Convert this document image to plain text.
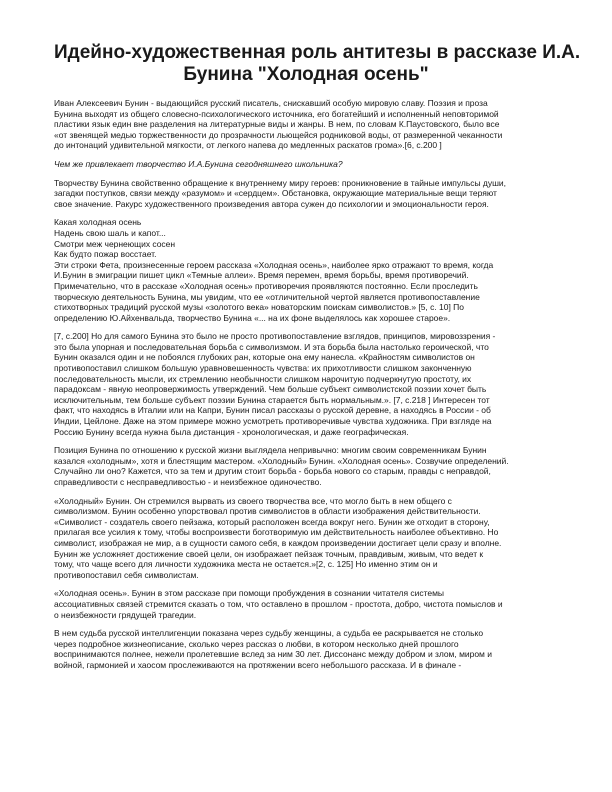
Идейно-художественная роль антитезы в рассказе И.А.
Бунина "Холодная осень"
Иван Алексеевич Бунин - выдающийся русский писатель, снискавший особую мировую славу. Поэзия и проза
Бунина выходят из общего словесно-психологического источника, его богатейший и исполненный неповторимой
пластики язык един вне разделения на литературные виды и жанры. В нем, по словам К.Паустовского, было все
«от звенящей медью торжественности до прозрачности льющейся родниковой воды, от размеренной чеканности
до интонаций удивительной мягкости, от легкого напева до медленных раскатов грома».[6, с.200 ]
Чем же привлекает творчество И.А.Бунина сегодняшнего школьника?
Творчеству Бунина свойственно обращение к внутреннему миру героев: проникновение в тайные импульсы души,
загадки поступков, связи между «разумом» и «сердцем». Обстановка, окружающие материальные вещи теряют
свое значение. Ракурс художественного произведения автора сужен до психологии и эмоциональности героя.
Какая холодная осень
Надень свою шаль и капот...
Смотри меж чернеющих сосен
Как будто пожар восстает.
Эти строки Фета, произнесенные героем рассказа «Холодная осень», наиболее ярко отражают то время, когда
И.Бунин в эмиграции пишет цикл «Темные аллеи». Время перемен, время борьбы, время противоречий.
Примечательно, что в рассказе «Холодная осень» противоречия проявляются постоянно. Если проследить
творческую деятельность Бунина, мы увидим, что ее «отличительной чертой является противопоставление
стихотворных традиций русской музы «золотого века» новаторским поискам символистов.» [5, с. 10] По
определению Ю.Айхенвальда, творчество Бунина «... на их фоне выделялось как хорошее старое».
[7, с.200] Но для самого Бунина это было не просто противопоставление взглядов, принципов, мировоззрения -
это была упорная и последовательная борьба с символизмом. И эта борьба была настолько героической, что
Бунин оказался один и не побоялся глубоких ран, которые она ему нанесла. «Крайностям символистов он
противопоставил слишком большую уравновешенность чувства: их прихотливости слишком законченную
последовательность мысли, их стремлению необычности слишком нарочитую подчеркнутую простоту, их
парадоксам - явную неопровержимость утверждений. Чем больше субъект символистской поэзии хочет быть
исключительным, тем больше субъект поэзии Бунина старается быть нормальным.». [7, с.218 ] Интересен тот
факт, что находясь в Италии или на Капри, Бунин писал рассказы о русской деревне, а находясь в России - об
Индии, Цейлоне. Даже на этом примере можно усмотреть противоречивые чувства художника. При взгляде на
Россию Бунину всегда нужна была дистанция - хронологическая, и даже географическая.
Позиция Бунина по отношению к русской жизни выглядела непривычно: многим своим современникам Бунин
казался «холодным», хотя и блестящим мастером. «Холодный» Бунин. «Холодная осень». Созвучие определений.
Случайно ли оно? Кажется, что за тем и другим стоит борьба - борьба нового со старым, правды с неправдой,
справедливости с несправедливостью - и неизбежное одиночество.
«Холодный» Бунин. Он стремился вырвать из своего творчества все, что могло быть в нем общего с
символизмом. Бунин особенно упорствовал против символистов в области изображения действительности.
«Символист - создатель своего пейзажа, который расположен всегда вокруг него. Бунин же отходит в сторону,
прилагая все усилия к тому, чтобы воспроизвести боготворимую им действительность наиболее объективно. Но
символист, изображая не мир, а в сущности самого себя, в каждом произведении достигает цели сразу и вполне.
Бунин же усложняет достижение своей цели, он изображает пейзаж точным, правдивым, живым, что ведет к
тому, что чаще всего для личности художника места не остается.»[2, с. 125] Но именно этим он и
противопоставил себя символистам.
«Холодная осень». Бунин в этом рассказе при помощи пробуждения в сознании читателя системы
ассоциативных связей стремится сказать о том, что оставлено в прошлом - простота, добро, чистота помыслов и
о неизбежности грядущей трагедии.
В нем судьба русской интеллигенции показана через судьбу женщины, а судьба ее раскрывается не столько
через подробное жизнеописание, сколько через рассказ о любви, в котором несколько дней прошлого
воспринимаются полнее, нежели пролетевшие вслед за ним 30 лет. Диссонанс между добром и злом, миром и
войной, гармонией и хаосом прослеживаются на протяжении всего небольшого рассказа. И в финале -
